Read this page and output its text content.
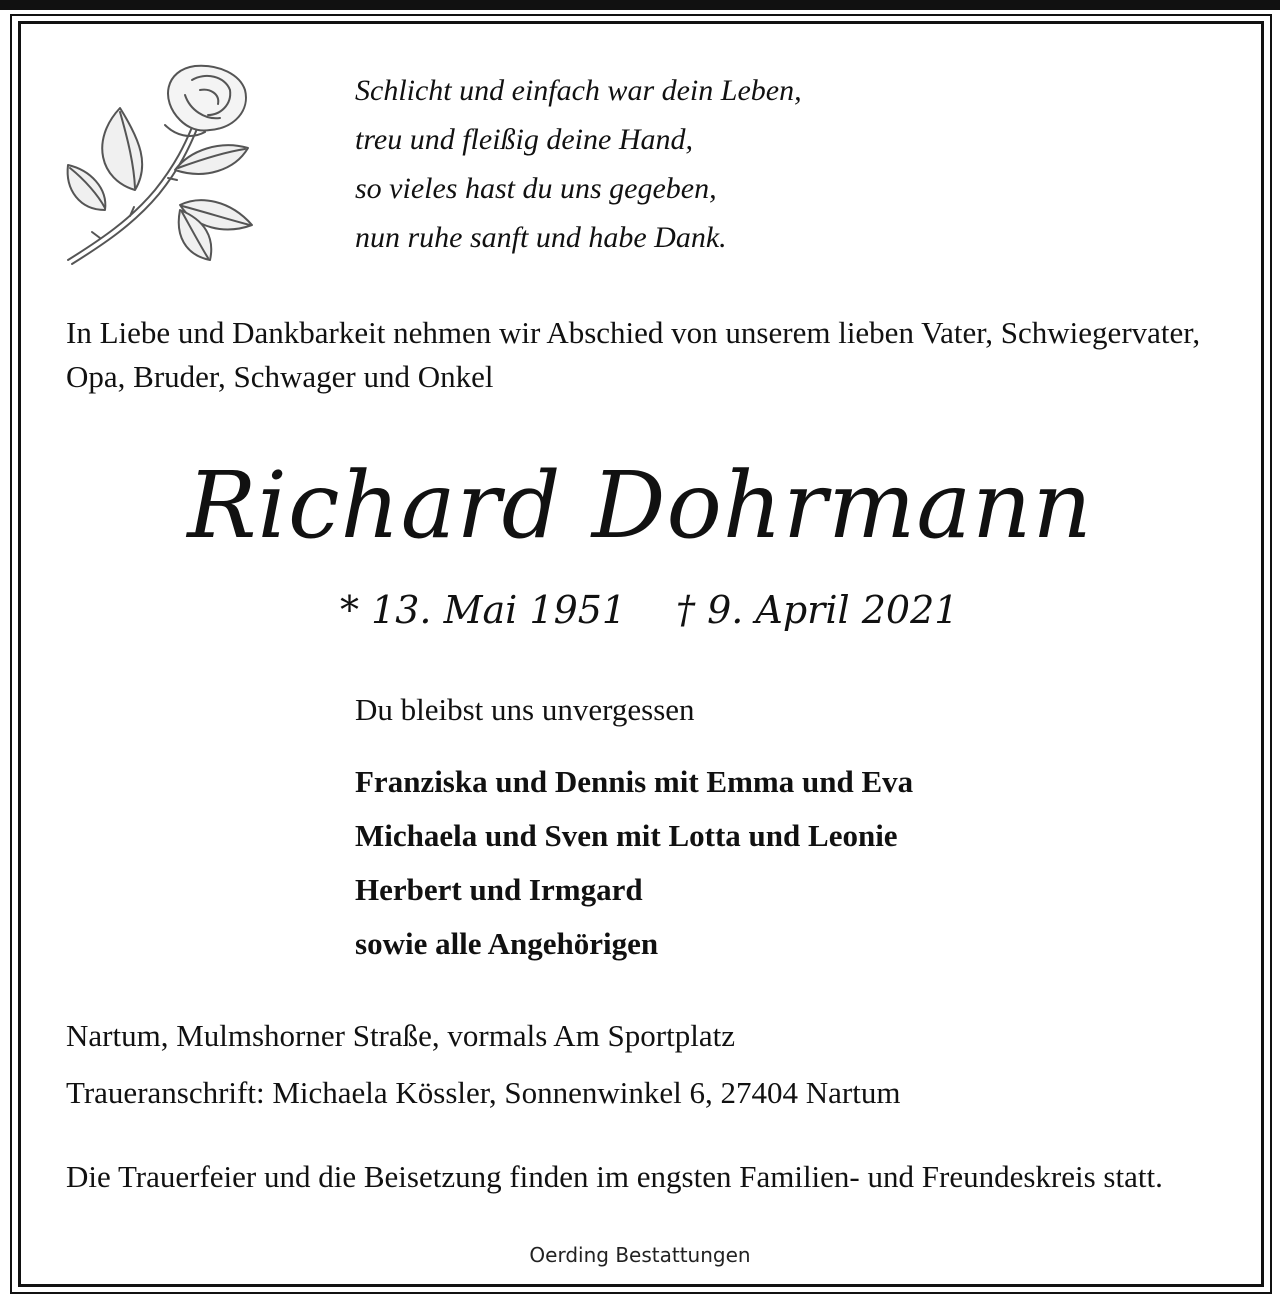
Schlicht und einfach war dein Leben,
treu und fleißig deine Hand,
so vieles hast du uns gegeben,
nun ruhe sanft und habe Dank.

In Liebe und Dankbarkeit nehmen wir Abschied von unserem lieben Vater, Schwiegervater, Opa, Bruder, Schwager und Onkel

Richard Dohrmann
* 13. Mai 1951 † 9. April 2021
Du bleibst uns unvergessen
Franziska und Dennis mit Emma und Eva
Michaela und Sven mit Lotta und Leonie
Herbert und Irmgard
sowie alle Angehörigen
Nartum, Mulmshorner Straße, vormals Am Sportplatz
Traueranschrift: Michaela Kössler, Sonnenwinkel 6, 27404 Nartum
Die Trauerfeier und die Beisetzung finden im engsten Familien- und Freundeskreis statt.
Oerding Bestattungen
